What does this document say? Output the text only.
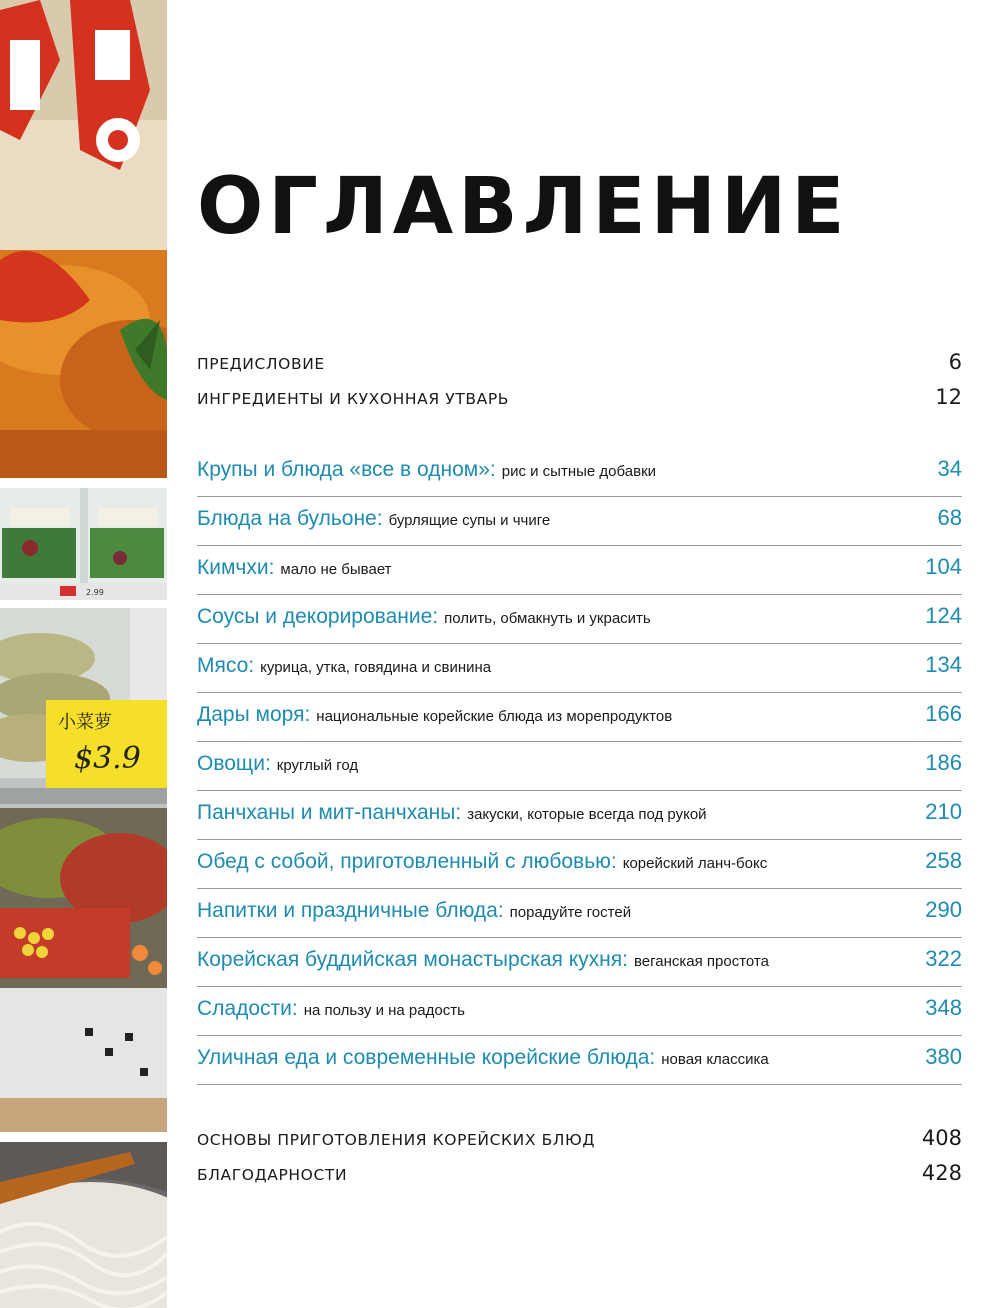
2.99
小菜萝
$3.9
ОГЛАВЛЕНИЕ
ПРЕДИСЛОВИЕ	6
ИНГРЕДИЕНТЫ И КУХОННАЯ УТВАРЬ	12
Крупы и блюда «все в одном»: рис и сытные добавки	34
Блюда на бульоне: бурлящие супы и ччиге	68
Кимчхи: мало не бывает	104
Соусы и декорирование: полить, обмакнуть и украсить	124
Мясо: курица, утка, говядина и свинина	134
Дары моря: национальные корейские блюда из морепродуктов	166
Овощи: круглый год	186
Панчханы и мит-панчханы: закуски, которые всегда под рукой	210
Обед с собой, приготовленный с любовью: корейский ланч-бокс	258
Напитки и праздничные блюда: порадуйте гостей	290
Корейская буддийская монастырская кухня: веганская простота	322
Сладости: на пользу и на радость	348
Уличная еда и современные корейские блюда: новая классика	380
ОСНОВЫ ПРИГОТОВЛЕНИЯ КОРЕЙСКИХ БЛЮД	408
БЛАГОДАРНОСТИ	428
